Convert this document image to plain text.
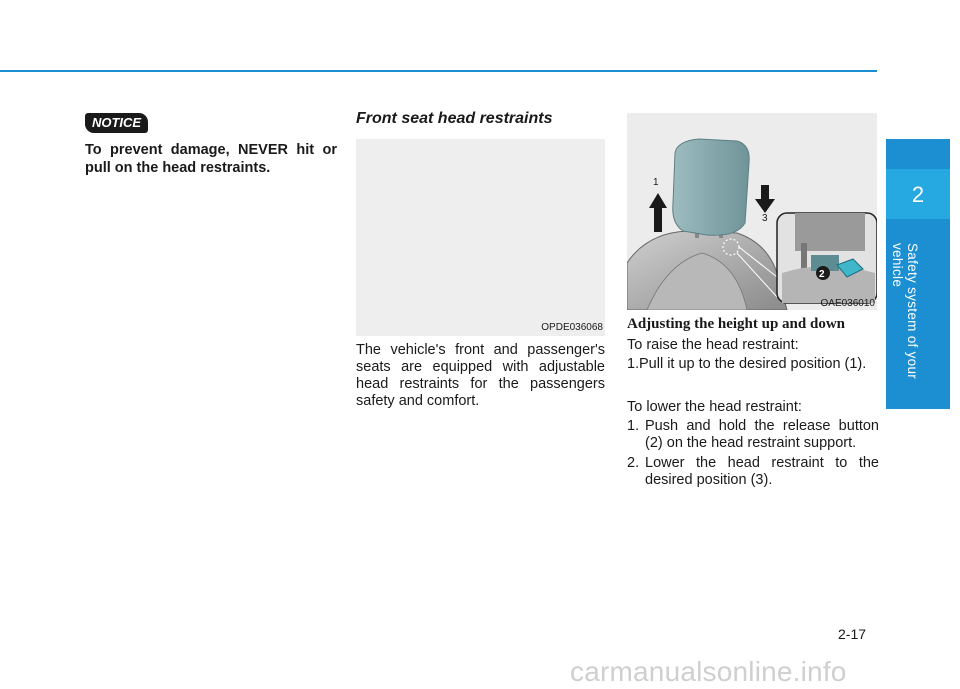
NOTICE
To prevent damage, NEVER hit or pull on the head restraints.
Front seat head restraints
OPDE036068
The vehicle's front and passenger's seats are equipped with adjustable head restraints for the passengers safety and comfort.
1
3
2
OAE036010
Adjusting the height up and down
To raise the head restraint:
1. Pull it up to the desired position (1).
To lower the head restraint:
1. Push and hold the release button (2) on the head restraint support.
2. Lower the head restraint to the desired position (3).
2
Safety system of your vehicle
2-17
carmanualsonline.info
